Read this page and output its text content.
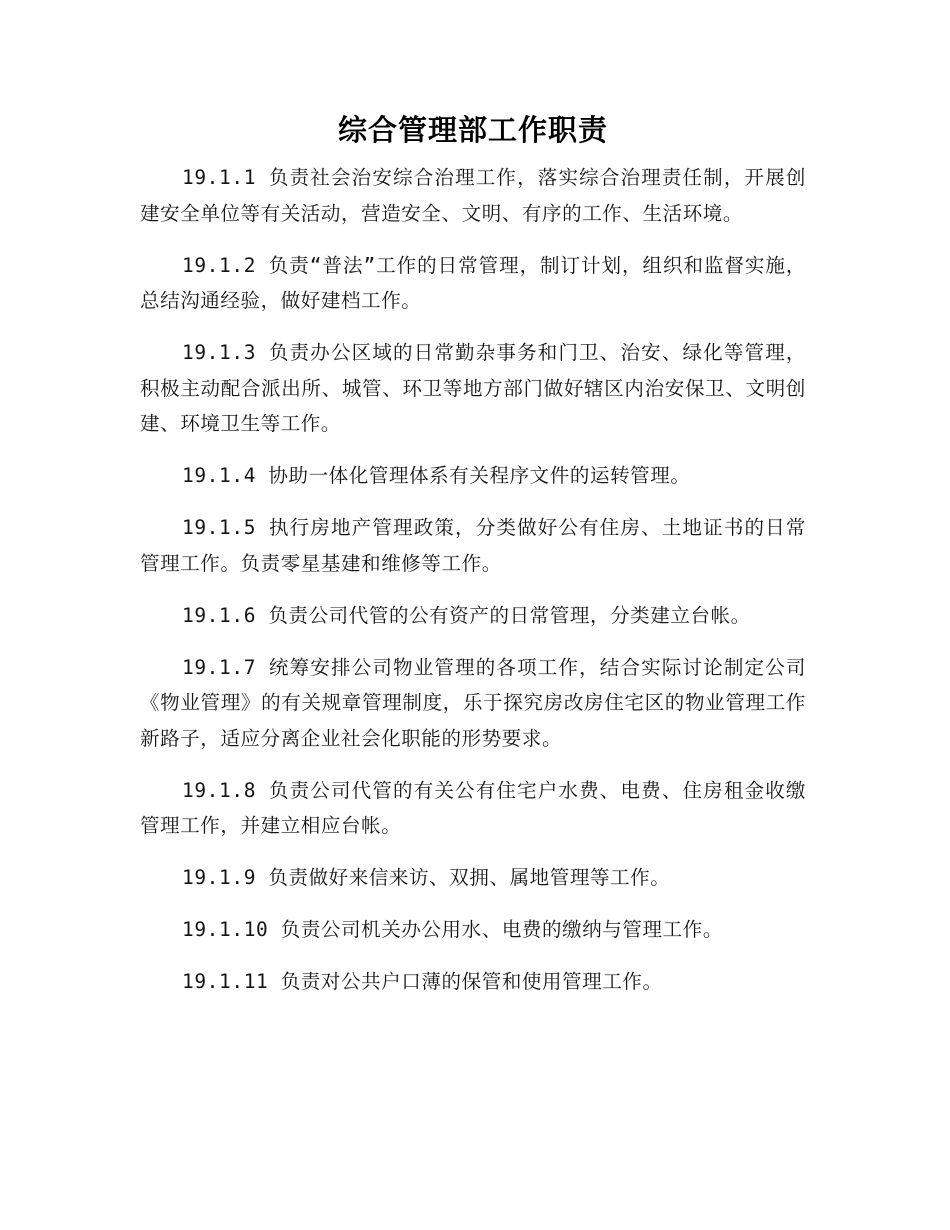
综合管理部工作职责

19.1.1 负责社会治安综合治理工作，落实综合治理责任制，开展创建安全单位等有关活动，营造安全、文明、有序的工作、生活环境。

19.1.2 负责“普法”工作的日常管理，制订计划，组织和监督实施，总结沟通经验，做好建档工作。

19.1.3 负责办公区域的日常勤杂事务和门卫、治安、绿化等管理，积极主动配合派出所、城管、环卫等地方部门做好辖区内治安保卫、文明创建、环境卫生等工作。

19.1.4 协助一体化管理体系有关程序文件的运转管理。

19.1.5 执行房地产管理政策，分类做好公有住房、土地证书的日常管理工作。负责零星基建和维修等工作。

19.1.6 负责公司代管的公有资产的日常管理，分类建立台帐。

19.1.7 统筹安排公司物业管理的各项工作，结合实际讨论制定公司《物业管理》的有关规章管理制度，乐于探究房改房住宅区的物业管理工作新路子，适应分离企业社会化职能的形势要求。

19.1.8 负责公司代管的有关公有住宅户水费、电费、住房租金收缴管理工作，并建立相应台帐。

19.1.9 负责做好来信来访、双拥、属地管理等工作。

19.1.10 负责公司机关办公用水、电费的缴纳与管理工作。

19.1.11 负责对公共户口薄的保管和使用管理工作。
